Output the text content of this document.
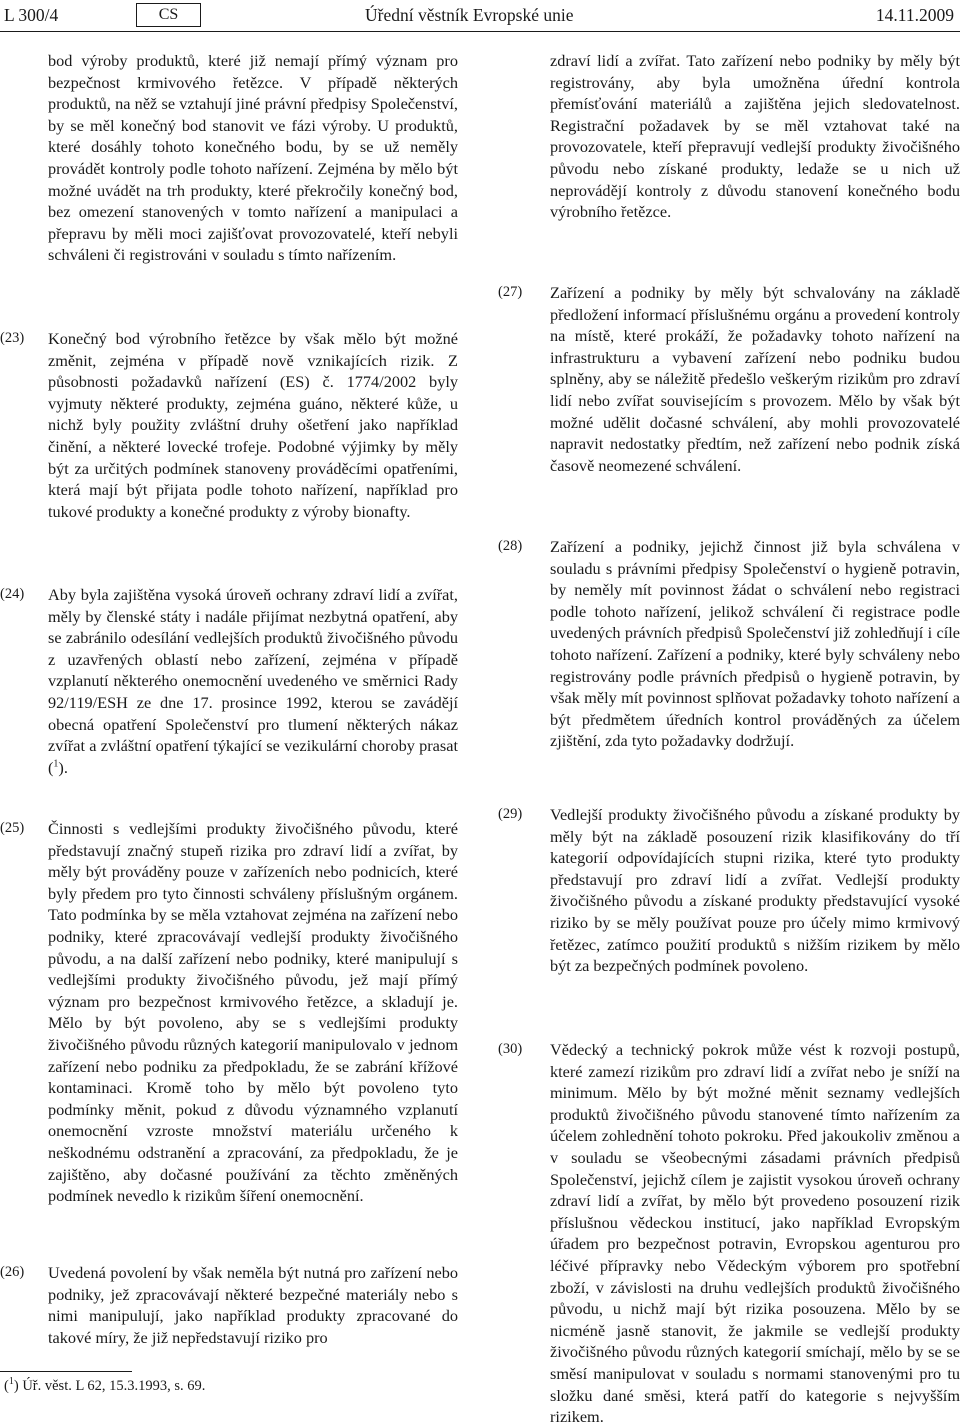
L 300/4	CS	Úřední věstník Evropské unie	14.11.2009
bod výroby produktů, které již nemají přímý význam pro bezpečnost krmivového řetězce. V případě některých produktů, na něž se vztahují jiné právní předpisy Společenství, by se měl konečný bod stanovit ve fázi výroby. U produktů, které dosáhly tohoto konečného bodu, by se už neměly provádět kontroly podle tohoto nařízení. Zejména by mělo být možné uvádět na trh produkty, které překročily konečný bod, bez omezení stanovených v tomto nařízení a manipulaci a přepravu by měli moci zajišťovat provozovatelé, kteří nebyli schváleni či registrováni v souladu s tímto nařízením.
(23)	Konečný bod výrobního řetězce by však mělo být možné změnit, zejména v případě nově vznikajících rizik. Z působnosti požadavků nařízení (ES) č. 1774/2002 byly vyjmuty některé produkty, zejména guáno, některé kůže, u nichž byly použity zvláštní druhy ošetření jako například činění, a některé lovecké trofeje. Podobné výjimky by měly být za určitých podmínek stanoveny prováděcími opatřeními, která mají být přijata podle tohoto nařízení, například pro tukové produkty a konečné produkty z výroby bionafty.
(24)	Aby byla zajištěna vysoká úroveň ochrany zdraví lidí a zvířat, měly by členské státy i nadále přijímat nezbytná opatření, aby se zabránilo odesílání vedlejších produktů živočišného původu z uzavřených oblastí nebo zařízení, zejména v případě vzplanutí některého onemocnění uvedeného ve směrnici Rady 92/119/ESH ze dne 17. prosince 1992, kterou se zavádějí obecná opatření Společenství pro tlumení některých nákaz zvířat a zvláštní opatření týkající se vezikulární choroby prasat ($^1$).
(25)	Činnosti s vedlejšími produkty živočišného původu, které představují značný stupeň rizika pro zdraví lidí a zvířat, by měly být prováděny pouze v zařízeních nebo podnicích, které byly předem pro tyto činnosti schváleny příslušným orgánem. Tato podmínka by se měla vztahovat zejména na zařízení nebo podniky, které zpracovávají vedlejší produkty živočišného původu, a na další zařízení nebo podniky, které manipulují s vedlejšími produkty živočišného původu, jež mají přímý význam pro bezpečnost krmivového řetězce, a skladují je. Mělo by být povoleno, aby se s vedlejšími produkty živočišného původu různých kategorií manipulovalo v jednom zařízení nebo podniku za předpokladu, že se zabrání křížové kontaminaci. Kromě toho by mělo být povoleno tyto podmínky měnit, pokud z důvodu významného vzplanutí onemocnění vzroste množství materiálu určeného k neškodnému odstranění a zpracování, za předpokladu, že je zajištěno, aby dočasné používání za těchto změněných podmínek nevedlo k rizikům šíření onemocnění.
(26)	Uvedená povolení by však neměla být nutná pro zařízení nebo podniky, jež zpracovávají některé bezpečné materiály nebo s nimi manipulují, jako například produkty zpracované do takové míry, že již nepředstavují riziko pro
zdraví lidí a zvířat. Tato zařízení nebo podniky by měly být registrovány, aby byla umožněna úřední kontrola přemísťování materiálů a zajištěna jejich sledovatelnost. Registrační požadavek by se měl vztahovat také na provozovatele, kteří přepravují vedlejší produkty živočišného původu nebo získané produkty, ledaže se u nich už neprovádějí kontroly z důvodu stanovení konečného bodu výrobního řetězce.
(27)	Zařízení a podniky by měly být schvalovány na základě předložení informací příslušnému orgánu a provedení kontroly na místě, které prokáží, že požadavky tohoto nařízení na infrastrukturu a vybavení zařízení nebo podniku budou splněny, aby se náležitě předešlo veškerým rizikům pro zdraví lidí nebo zvířat souvisejícím s provozem. Mělo by však být možné udělit dočasné schválení, aby mohli provozovatelé napravit nedostatky předtím, než zařízení nebo podnik získá časově neomezené schválení.
(28)	Zařízení a podniky, jejichž činnost již byla schválena v souladu s právními předpisy Společenství o hygieně potravin, by neměly mít povinnost žádat o schválení nebo registraci podle tohoto nařízení, jelikož schválení či registrace podle uvedených právních předpisů Společenství již zohledňují i cíle tohoto nařízení. Zařízení a podniky, které byly schváleny nebo registrovány podle právních předpisů o hygieně potravin, by však měly mít povinnost splňovat požadavky tohoto nařízení a být předmětem úředních kontrol prováděných za účelem zjištění, zda tyto požadavky dodržují.
(29)	Vedlejší produkty živočišného původu a získané produkty by měly být na základě posouzení rizik klasifikovány do tří kategorií odpovídajících stupni rizika, které tyto produkty představují pro zdraví lidí a zvířat. Vedlejší produkty živočišného původu a získané produkty představující vysoké riziko by se měly používat pouze pro účely mimo krmivový řetězec, zatímco použití produktů s nižším rizikem by mělo být za bezpečných podmínek povoleno.
(30)	Vědecký a technický pokrok může vést k rozvoji postupů, které zamezí rizikům pro zdraví lidí a zvířat nebo je sníží na minimum. Mělo by být možné měnit seznamy vedlejších produktů živočišného původu stanovené tímto nařízením za účelem zohlednění tohoto pokroku. Před jakoukoliv změnou a v souladu se všeobecnými zásadami právních předpisů Společenství, jejichž cílem je zajistit vysokou úroveň ochrany zdraví lidí a zvířat, by mělo být provedeno posouzení rizik příslušnou vědeckou institucí, jako například Evropským úřadem pro bezpečnost potravin, Evropskou agenturou pro léčivé přípravky nebo Vědeckým výborem pro spotřební zboží, v závislosti na druhu vedlejších produktů živočišného původu, u nichž mají být rizika posouzena. Mělo by se nicméně jasně stanovit, že jakmile se vedlejší produkty živočišného původu různých kategorií smíchají, mělo by se se směsí manipulovat v souladu s normami stanovenými pro tu složku dané směsi, která patří do kategorie s nejvyšším rizikem.
($^1$) Úř. věst. L 62, 15.3.1993, s. 69.
